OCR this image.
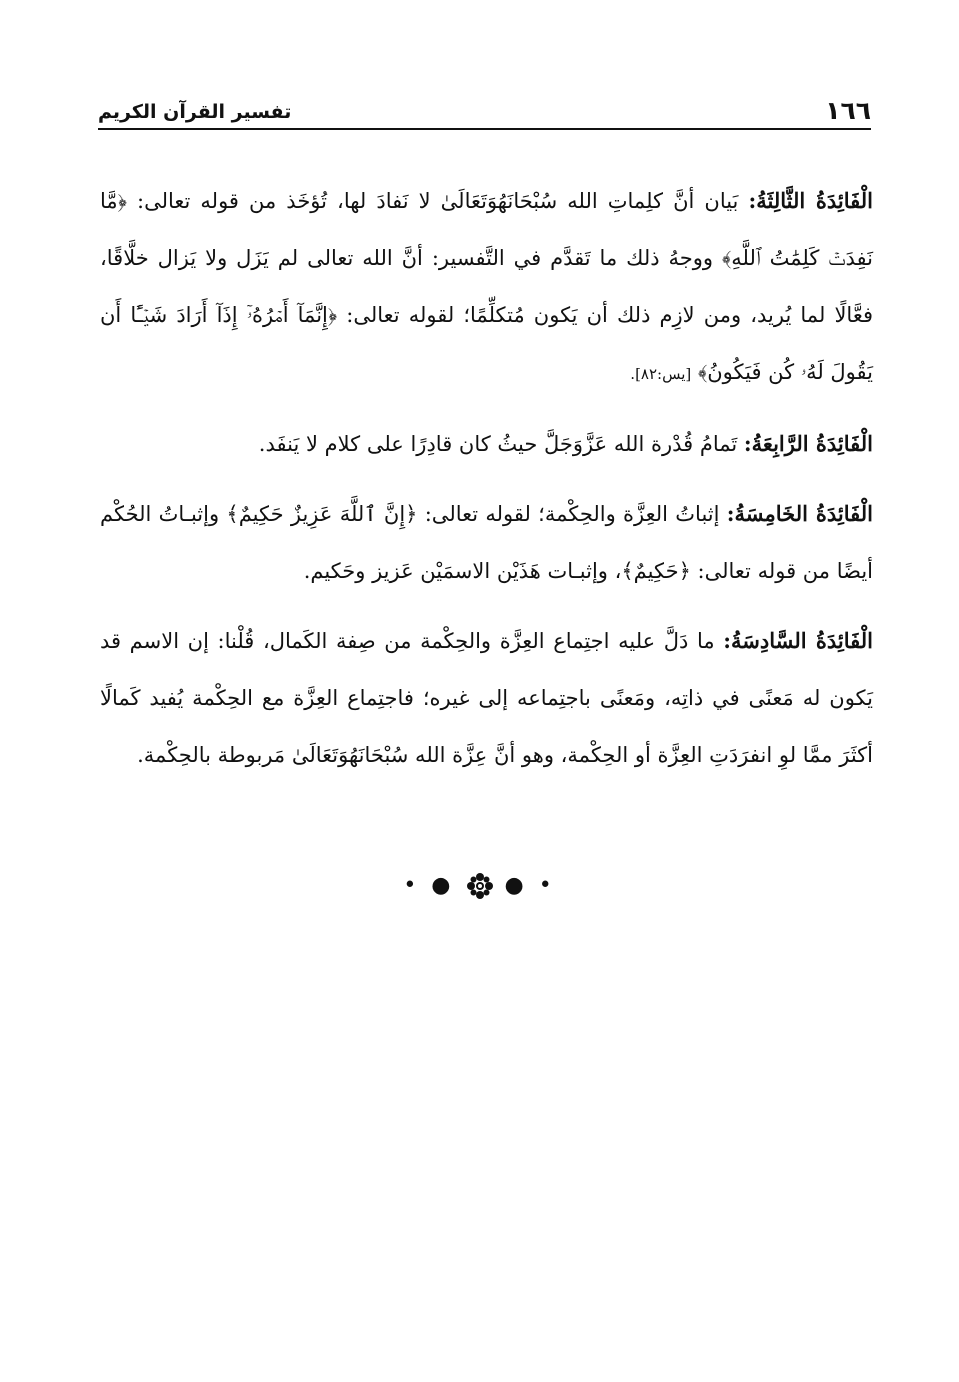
١٦٦
تفسير القرآن الكريم

الْفَائِدَةُ الثَّالِثَةُ: بَيان أنَّ كلِماتِ الله سُبْحَانَهُوَتَعَالَىٰ لا نَفادَ لها، تُؤخَذ من قوله تعالى: ﴿مَّا نَفِدَتۡ كَلِمَٰتُ ٱللَّهِ﴾ ووجهُ ذلك ما تَقدَّم في التَّفسير: أنَّ الله تعالى لم يَزَل ولا يَزال خلَّاقًا، فعَّالًا لما يُريد، ومن لازِم ذلك أن يَكون مُتكلِّمًا؛ لقوله تعالى: ﴿إِنَّمَآ أَمۡرُهُۥٓ إِذَآ أَرَادَ شَيۡـًٔا أَن يَقُولَ لَهُۥ كُن فَيَكُونُ﴾ [يس:٨٢].

الْفَائِدَةُ الرَّابِعَةُ: تَمامُ قُدْرة الله عَزَّوَجَلَّ حيثُ كان قادِرًا على كلام لا يَنفَد.

الْفَائِدَةُ الخَامِسَةُ: إثباتُ العِزَّة والحِكْمة؛ لقوله تعالى: ﴿إِنَّ ٱللَّهَ عَزِيزٌ حَكِيمٌ﴾ وإثبـاتُ الحُكْم أيضًا من قوله تعالى: ﴿حَكِيمٌ﴾، وإثبـات هَذَيْن الاسمَيْن عَزيز وحَكيم.

الْفَائِدَةُ السَّادِسَةُ: ما دَلَّ عليه اجتِماع العِزَّة والحِكْمة من صِفة الكَمال، قُلْنا: إن الاسم قد يَكون له مَعنًى في ذاتِه، ومَعنًى باجتِماعه إلى غيره؛ فاجتِماع العِزَّة مع الحِكْمة يُفيد كَمالًا أكثَرَ ممَّا لوِ انفرَدَتِ العِزَّة أو الحِكْمة، وهو أنَّ عِزَّة الله سُبْحَانَهُوَتَعَالَىٰ مَربوطة بالحِكْمة.

• ● ● •
